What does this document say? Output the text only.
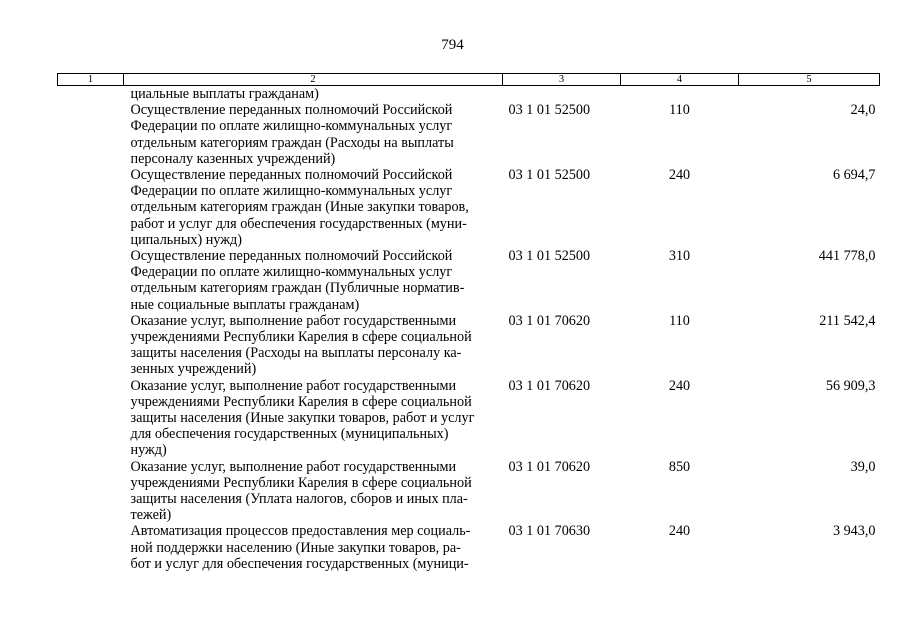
794
1	2	3	4	5
	циальные выплаты гражданам)			
	Осуществление переданных полномочий Российской
Федерации по оплате жилищно-коммунальных услуг
отдельным категориям граждан (Расходы на выплаты
персоналу казенных учреждений)	03 1 01 52500	110	24,0
	Осуществление переданных полномочий Российской
Федерации по оплате жилищно-коммунальных услуг
отдельным категориям граждан (Иные закупки товаров,
работ и услуг для обеспечения государственных (муни-
ципальных) нужд)	03 1 01 52500	240	6 694,7
	Осуществление переданных полномочий Российской
Федерации по оплате жилищно-коммунальных услуг
отдельным категориям граждан (Публичные норматив-
ные социальные выплаты гражданам)	03 1 01 52500	310	441 778,0
	Оказание услуг, выполнение работ государственными
учреждениями Республики Карелия в сфере социальной
защиты населения (Расходы на выплаты персоналу ка-
зенных учреждений)	03 1 01 70620	110	211 542,4
	Оказание услуг, выполнение работ государственными
учреждениями Республики Карелия в сфере социальной
защиты населения (Иные закупки товаров, работ и услуг
для обеспечения государственных (муниципальных)
нужд)	03 1 01 70620	240	56 909,3
	Оказание услуг, выполнение работ государственными
учреждениями Республики Карелия в сфере социальной
защиты населения (Уплата налогов, сборов и иных пла-
тежей)	03 1 01 70620	850	39,0
	Автоматизация процессов предоставления мер социаль-
ной поддержки населению (Иные закупки товаров, ра-
бот и услуг для обеспечения государственных (муници-	03 1 01 70630	240	3 943,0
